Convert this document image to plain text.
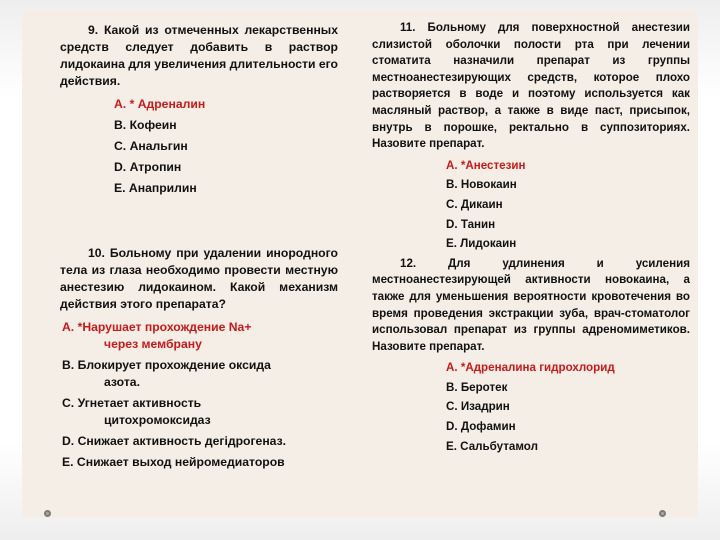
9. Какой из отмеченных лекарственных средств следует добавить в раствор лидокаина для увеличения длительности его действия.

А. * Адреналин

В. Кофеин

С. Анальгин

D. Атропин

Е. Анаприлин

10. Больному при удалении инородного тела из глаза необходимо провести местную анестезию лидокаином. Какой механизм действия этого препарата?

А. *Нарушает прохождение Na+
через мембрану

В. Блокирует прохождение оксида
азота.

С. Угнетает активность
цитохромоксидаз

D. Снижает активность дегідрогеназ.

Е. Снижает выход нейромедиаторов

11. Больному для поверхностной анестезии слизистой оболочки полости рта при лечении стоматита назначили препарат из группы местноанестезирующих средств, которое плохо растворяется в воде и поэтому используется как масляный раствор, а также в виде паст, присыпок, внутрь в порошке, ректально в суппозиториях. Назовите препарат.

А. *Анестезин

В. Новокаин

С. Дикаин

D. Танин

Е. Лидокаин

12. Для удлинения и усиления местноанестезирующей активности новокаина, а также для уменьшения вероятности кровотечения во время проведения экстракции зуба, врач-стоматолог использовал препарат из группы адреномиметиков. Назовите препарат.

А. *Адреналина гидрохлорид

В. Беротек

С. Изадрин

D. Дофамин

Е. Сальбутамол
